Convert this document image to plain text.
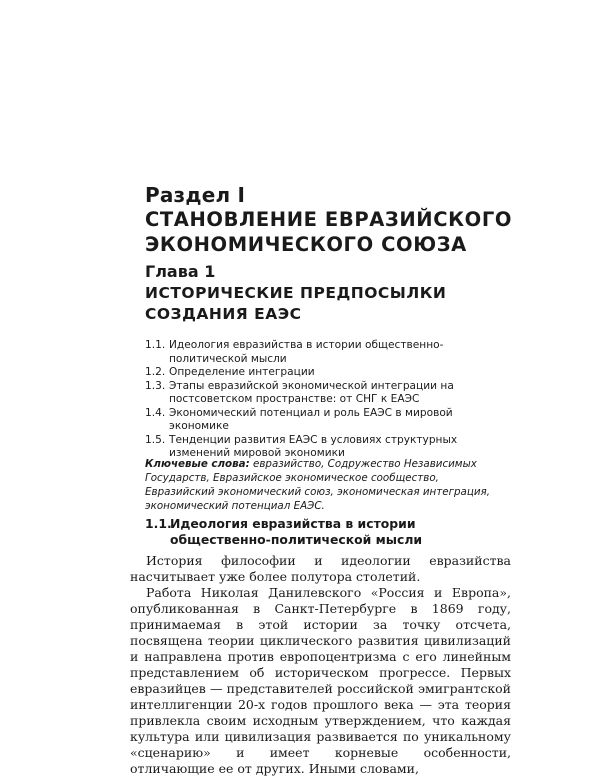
Раздел I
СТАНОВЛЕНИЕ ЕВРАЗИЙСКОГО
ЭКОНОМИЧЕСКОГО СОЮЗА
Глава 1
ИСТОРИЧЕСКИЕ ПРЕДПОСЫЛКИ
СОЗДАНИЯ ЕАЭС
1.1. Идеология евразийства в истории общественно-политической мысли
1.2. Определение интеграции
1.3. Этапы евразийской экономической интеграции на постсоветском пространстве: от СНГ к ЕАЭС
1.4. Экономический потенциал и роль ЕАЭС в мировой экономике
1.5. Тенденции развития ЕАЭС в условиях структурных изменений мировой экономики
Ключевые слова: евразийство, Содружество Независимых Государств, Евразийское экономическое сообщество, Евразийский экономический союз, экономическая интеграция, экономический потенциал ЕАЭС.
1.1.
Идеология евразийства в истории общественно-политической мысли

История философии и идеологии евразийства насчитывает уже более полутора столетий.

Работа Николая Данилевского «Россия и Европа», опубликованная в Санкт-Петербурге в 1869 году, принимаемая в этой истории за точку отсчета, посвящена теории циклического развития цивилизаций и направлена против европоцентризма с его линейным представлением об историческом прогрессе. Первых евразийцев — представителей российской эмигрантской интеллигенции 20-х годов прошлого века — эта теория привлекла своим исходным утверждением, что каждая культура или цивилизация развивается по уникальному «сценарию» и имеет корневые особенности, отличающие ее от других. Иными словами,
